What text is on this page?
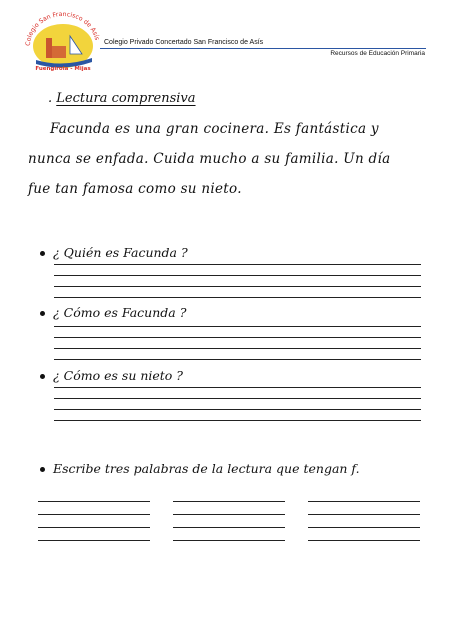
Colegio San Francisco de Asís
Fuengirola - Mijas
Colegio Privado Concertado San Francisco de Asís
Recursos de Educación Primaria
. Lectura comprensiva
Facunda es una gran cocinera. Es fantástica y
nunca se enfada. Cuida mucho a su familia. Un día
fue tan famosa como su nieto.
¿ Quién es Facunda ?
¿ Cómo es Facunda ?
¿ Cómo es su nieto ?
Escribe tres palabras de la lectura que tengan f.
